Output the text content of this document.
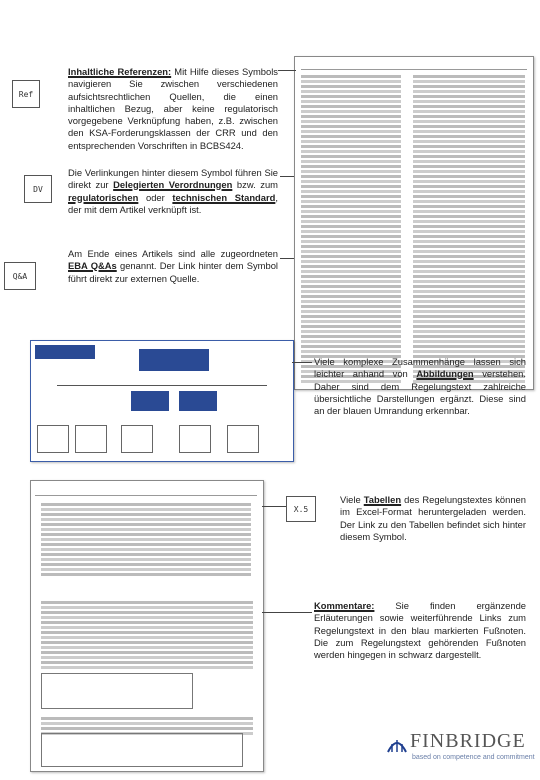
Ref
Inhaltliche Referenzen: Mit Hilfe dieses Symbols navigieren Sie zwischen verschiedenen aufsichtsrechtlichen Quellen, die einen inhaltlichen Bezug, aber keine regulatorisch vorgegebene Verknüpfung haben, z.B. zwischen den KSA-Forderungsklassen der CRR und den entsprechenden Vorschriften in BCBS424.
DV
Die Verlinkungen hinter diesem Symbol führen Sie direkt zur Delegierten Verordnungen bzw. zum regulatorischen oder technischen Standard, der mit dem Artikel verknüpft ist.
Q&A
Am Ende eines Artikels sind alle zugeordneten EBA Q&As genannt. Der Link hinter dem Symbol führt direkt zur externen Quelle.
Viele komplexe Zusammenhänge lassen sich leichter anhand von Abbildungen verstehen. Daher sind dem Regelungstext zahlreiche übersichtliche Darstellungen ergänzt. Diese sind an der blauen Umrandung erkennbar.
X.5
Viele Tabellen des Regelungstextes können im Excel-Format heruntergeladen werden. Der Link zu den Tabellen befindet sich hinter diesem Symbol.
Kommentare: Sie finden ergänzende Erläuterungen sowie weiterführende Links zum Regelungstext in den blau markierten Fußnoten. Die zum Regelungstext gehörenden Fußnoten werden hingegen in schwarz dargestellt.
FINBRIDGE
based on competence and commitment
